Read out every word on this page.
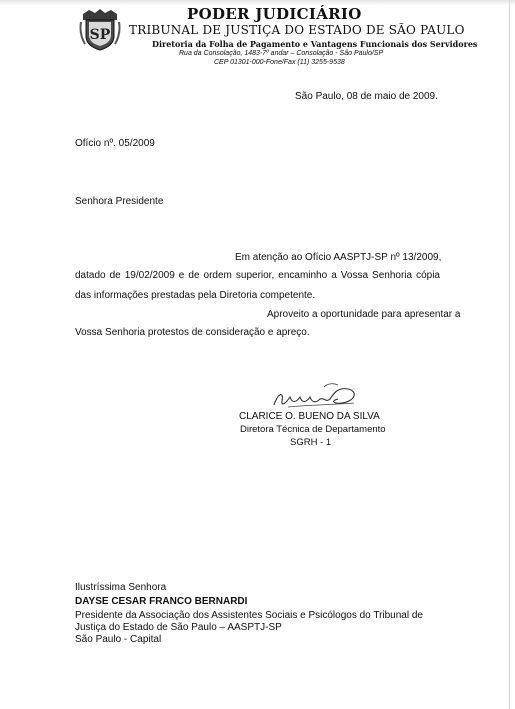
SP
PODER JUDICIÁRIO
TRIBUNAL DE JUSTIÇA DO ESTADO DE SÃO PAULO
Diretoria da Folha de Pagamento e Vantagens Funcionais dos Servidores
Rua da Consolação, 1483-7º andar – Consolação - São Paulo/SP
CEP 01301-000-Fone/Fax (11) 3255-9538
São Paulo, 08 de maio de 2009.
Ofício nº. 05/2009
Senhora Presidente
Em atenção ao Ofício AASPTJ-SP nº 13/2009,
datado de 19/02/2009 e de ordem superior, encaminho a Vossa Senhoria cópia
das informações prestadas pela Diretoria competente.
Aproveito a oportunidade para apresentar a
Vossa Senhoria protestos de consideração e apreço.
CLARICE O. BUENO DA SILVA
Diretora Técnica de Departamento
SGRH - 1
Ilustríssima Senhora
DAYSE CESAR FRANCO BERNARDI
Presidente da Associação dos Assistentes Sociais e Psicólogos do Tribunal de
Justiça do Estado de São Paulo – AASPTJ-SP
São Paulo - Capital
